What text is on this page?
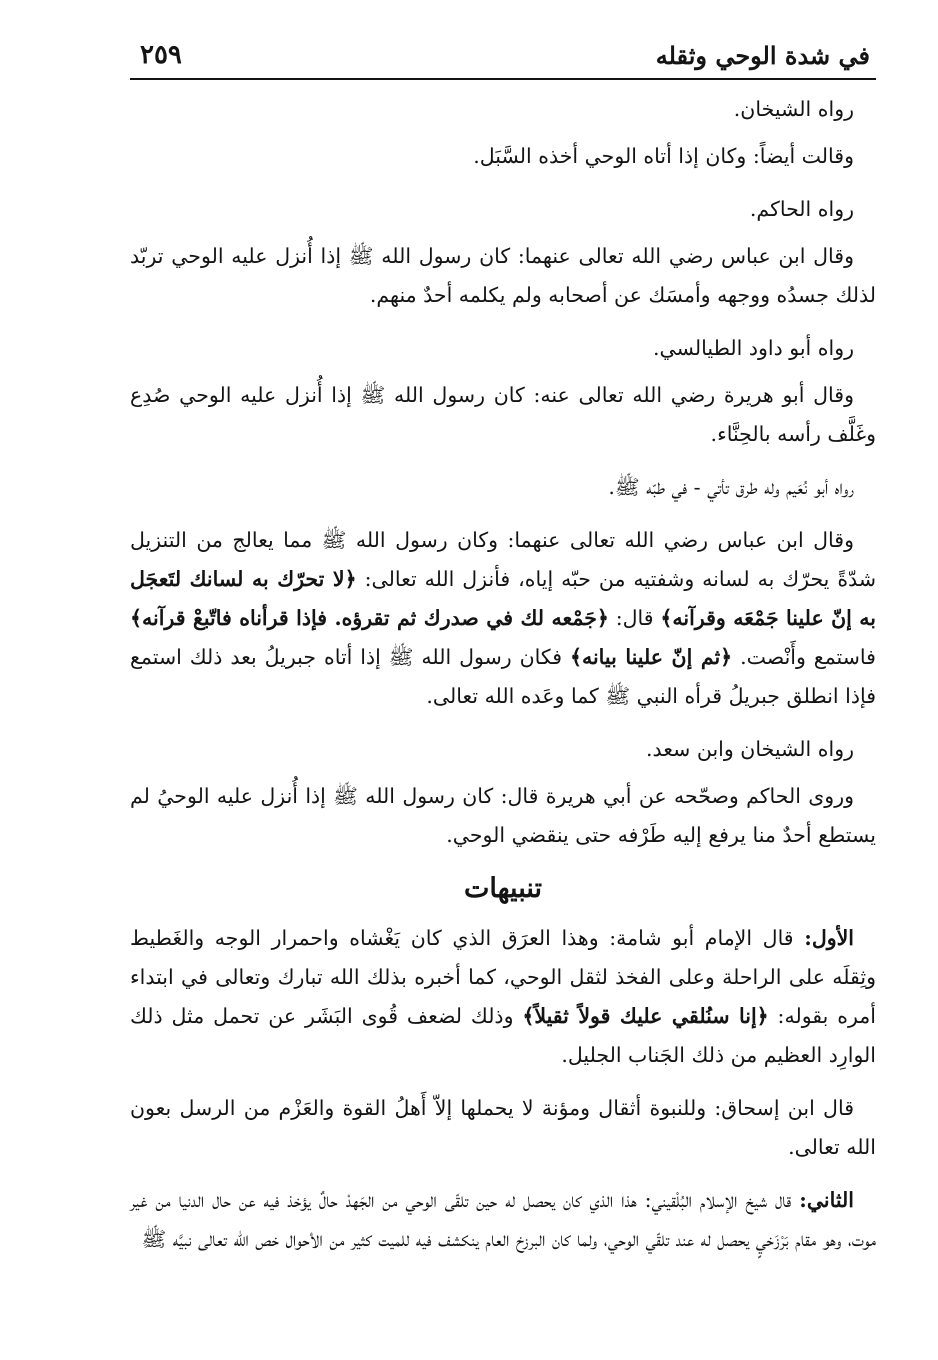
في شدة الوحي وثقله
٢٥٩

رواه الشيخان.

وقالت أيضاً: وكان إذا أتاه الوحي أخذه السَّبَل.

رواه الحاكم.

وقال ابن عباس رضي الله تعالى عنهما: كان رسول الله ﷺ إذا أُنزل عليه الوحي تربّد لذلك جسدُه ووجهه وأمسَك عن أصحابه ولم يكلمه أحدٌ منهم.

رواه أبو داود الطيالسي.

وقال أبو هريرة رضي الله تعالى عنه: كان رسول الله ﷺ إذا أُنزل عليه الوحي صُدِع وغَلَّف رأسه بالحِنَّاء.

رواه أبو نُعَيم وله طرق تأتي - في طبّه ﷺ.

وقال ابن عباس رضي الله تعالى عنهما: وكان رسول الله ﷺ مما يعالج من التنزيل شدّةً يحرّك به لسانه وشفتيه من حبّه إياه، فأنزل الله تعالى: ﴿لا تحرّك به لسانك لتَعجَل به إنّ علينا جَمْعَه وقرآنه﴾ قال: ﴿جَمْعه لك في صدرك ثم تقرؤه. فإذا قرأناه فاتّبعْ قرآنه﴾ فاستمع وأَنْصت. ﴿ثم إنّ علينا بيانه﴾ فكان رسول الله ﷺ إذا أتاه جبريلُ بعد ذلك استمع فإذا انطلق جبريلُ قرأه النبي ﷺ كما وعَده الله تعالى.

رواه الشيخان وابن سعد.

وروى الحاكم وصحّحه عن أبي هريرة قال: كان رسول الله ﷺ إذا أُنزل عليه الوحيُ لم يستطع أحدٌ منا يرفع إليه طَرْفه حتى ينقضي الوحي.

تنبيهات

الأول: قال الإمام أبو شامة: وهذا العرَق الذي كان يَغْشاه واحمرار الوجه والغَطيط وثِقلَه على الراحلة وعلى الفخذ لثقل الوحي، كما أخبره بذلك الله تبارك وتعالى في ابتداء أمره بقوله: ﴿إنا سنُلقي عليك قولاً ثقيلاً﴾ وذلك لضعف قُوى البَشَر عن تحمل مثل ذلك الوارِد العظيم من ذلك الجَناب الجليل.

قال ابن إسحاق: وللنبوة أثقال ومؤنة لا يحملها إلاّ أَهلُ القوة والعَزْم من الرسل بعون الله تعالى.

الثاني: قال شيخ الإسلام البُلْقيني: هذا الذي كان يحصل له حين تلقّى الوحي من الجَهدْ حالٌ يؤخذ فيه عن حال الدنيا من غير موت، وهو مقام بَرْزَخيٍ يحصل له عند تلقّي الوحي، ولما كان البرزخ العام ينكشف فيه للميت كثير من الأحوال خص الله تعالى نبيَّه ﷺ
